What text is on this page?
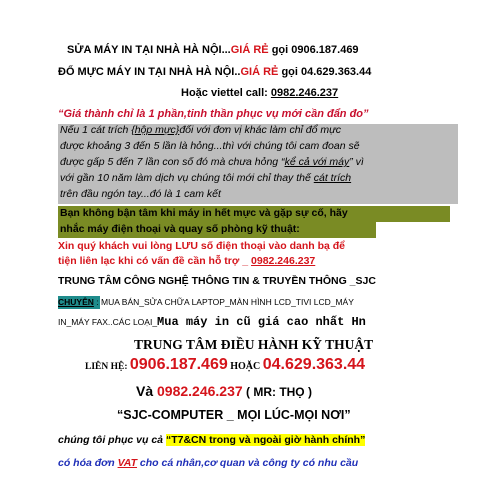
SỬA MÁY IN TẠI NHÀ HÀ NỘI...GIÁ RẺ gọi 0906.187.469
ĐỔ MỰC MÁY IN TẠI NHÀ HÀ NỘI..GIÁ RẺ gọi 04.629.363.44
Hoặc viettel call: 0982.246.237
“Giá thành chỉ là 1 phần,tinh thần phục vụ mới cần đẩn đo”
Nếu 1 cát trích {hộp mực}đối với đơn vị khác làm chỉ đổ mực
được khoảng 3 đến 5 lần là hỏng...thì với chúng tôi cam đoan sẽ
được gấp 5 đến 7 lần con số đó mà chưa hỏng “kể cả với máy” vì
với gần 10 năm làm dịch vụ chúng tôi mới chỉ thay thế cát trích
trên đầu ngón tay...đó là 1 cam kết
Bạn không bận tâm khi máy in hết mực và gặp sự cố, hãy
nhắc máy điện thoại và quay số phòng kỹ thuật:
Xin quý khách vui lòng LƯU số điện thoại vào danh bạ để
tiện liên lạc khi có vấn đề cần hỗ trợ _ 0982.246.237
TRUNG TÂM CÔNG NGHỆ THÔNG TIN & TRUYỀN THÔNG _SJC
CHUYÊN : MUA BÁN_SỬA CHỮA LAPTOP_MÀN HÌNH LCD_TIVI LCD_MÁY
IN_MÁY FAX..CÁC LOẠI_Mua máy in cũ giá cao nhất Hn
TRUNG TÂM ĐIỀU HÀNH KỸ THUẬT
LIÊN HỆ: 0906.187.469 HOẶC 04.629.363.44
Và 0982.246.237 ( MR: THỌ )
“SJC-COMPUTER _ MỌI LÚC-MỌI NƠI”
chúng tôi phục vụ cả “T7&CN trong và ngoài giờ hành chính”
có hóa đơn VAT cho cá nhân,cơ quan và công ty có nhu cầu
